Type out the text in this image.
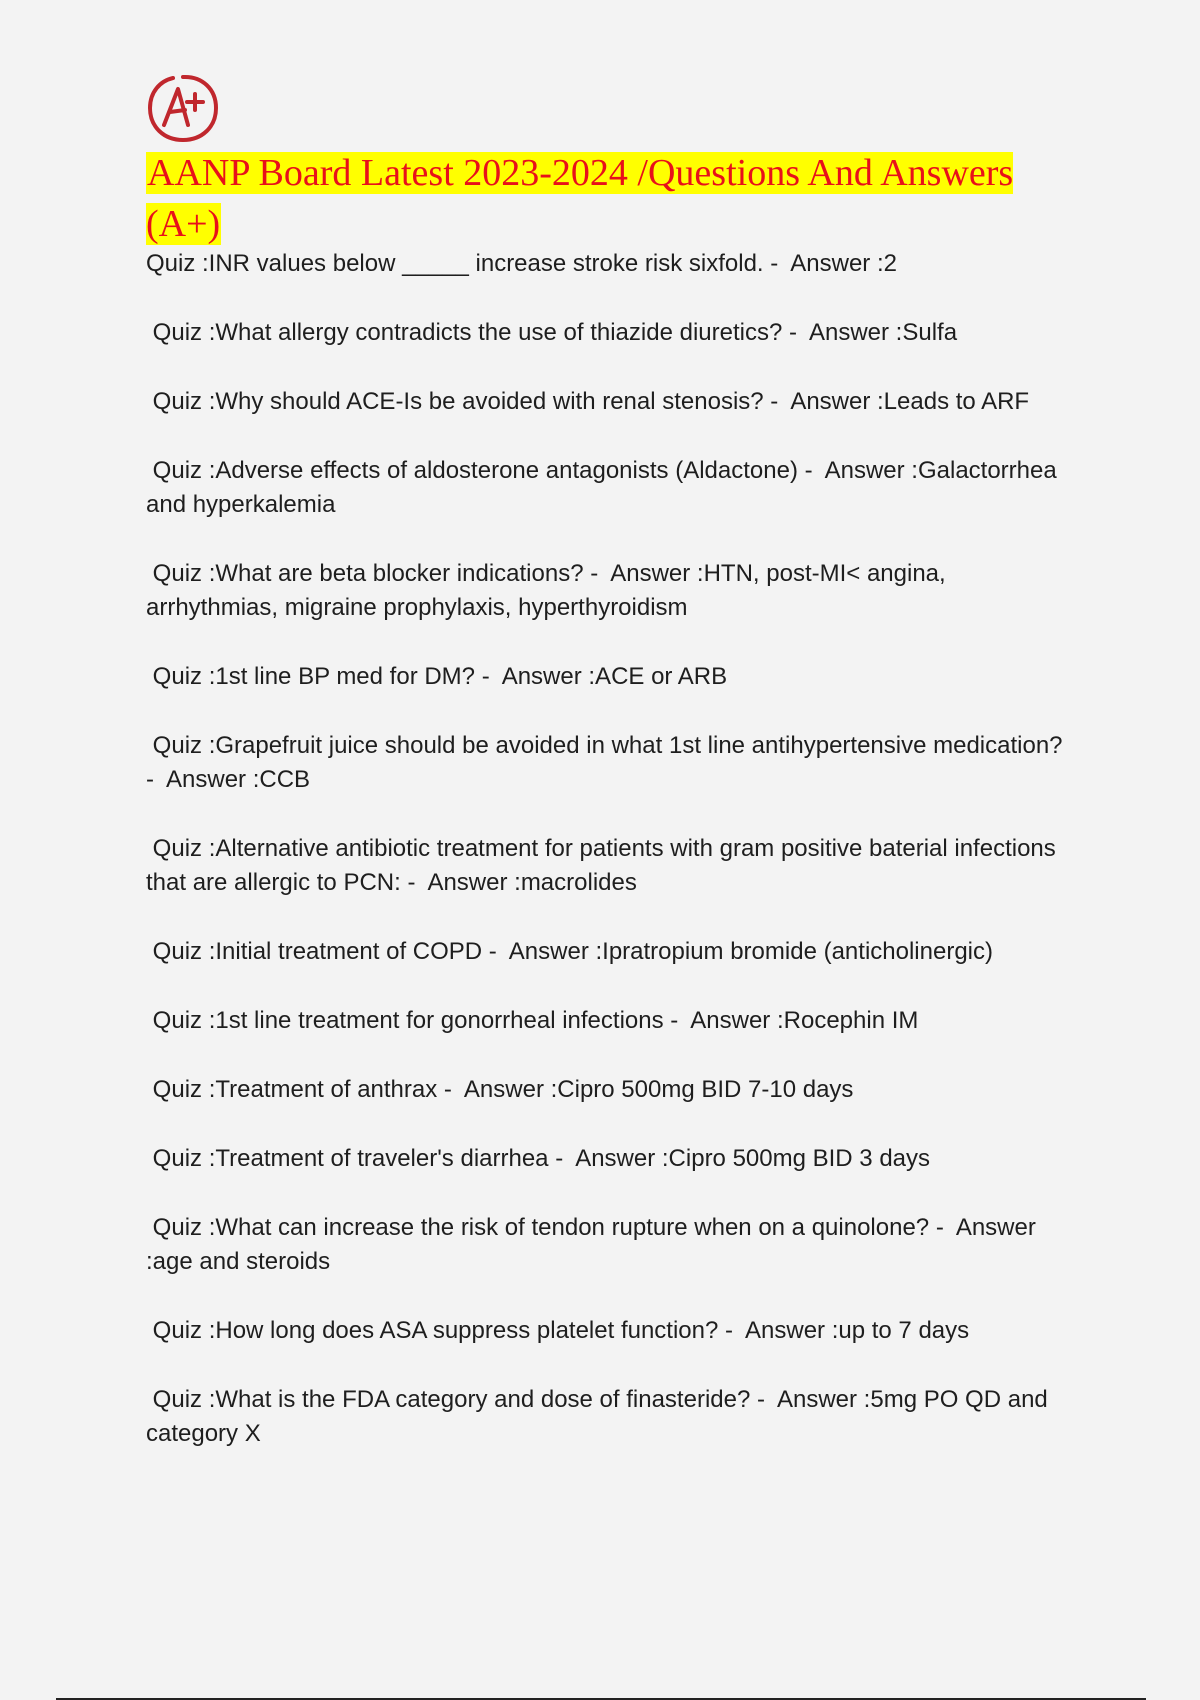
A+
AANP Board Latest 2023-2024 /Questions And Answers (A+)

Quiz :INR values below _____ increase stroke risk sixfold. -  Answer :2

Quiz :What allergy contradicts the use of thiazide diuretics? -  Answer :Sulfa

Quiz :Why should ACE-Is be avoided with renal stenosis? -  Answer :Leads to ARF

Quiz :Adverse effects of aldosterone antagonists (Aldactone) -  Answer :Galactorrhea and hyperkalemia

Quiz :What are beta blocker indications? -  Answer :HTN, post-MI< angina, arrhythmias, migraine prophylaxis, hyperthyroidism

Quiz :1st line BP med for DM? -  Answer :ACE or ARB

Quiz :Grapefruit juice should be avoided in what 1st line antihypertensive medication? -  Answer :CCB

Quiz :Alternative antibiotic treatment for patients with gram positive baterial infections that are allergic to PCN: -  Answer :macrolides

Quiz :Initial treatment of COPD -  Answer :Ipratropium bromide (anticholinergic)

Quiz :1st line treatment for gonorrheal infections -  Answer :Rocephin IM

Quiz :Treatment of anthrax -  Answer :Cipro 500mg BID 7-10 days

Quiz :Treatment of traveler's diarrhea -  Answer :Cipro 500mg BID 3 days

Quiz :What can increase the risk of tendon rupture when on a quinolone? -  Answer :age and steroids

Quiz :How long does ASA suppress platelet function? -  Answer :up to 7 days

Quiz :What is the FDA category and dose of finasteride? -  Answer :5mg PO QD and category X
